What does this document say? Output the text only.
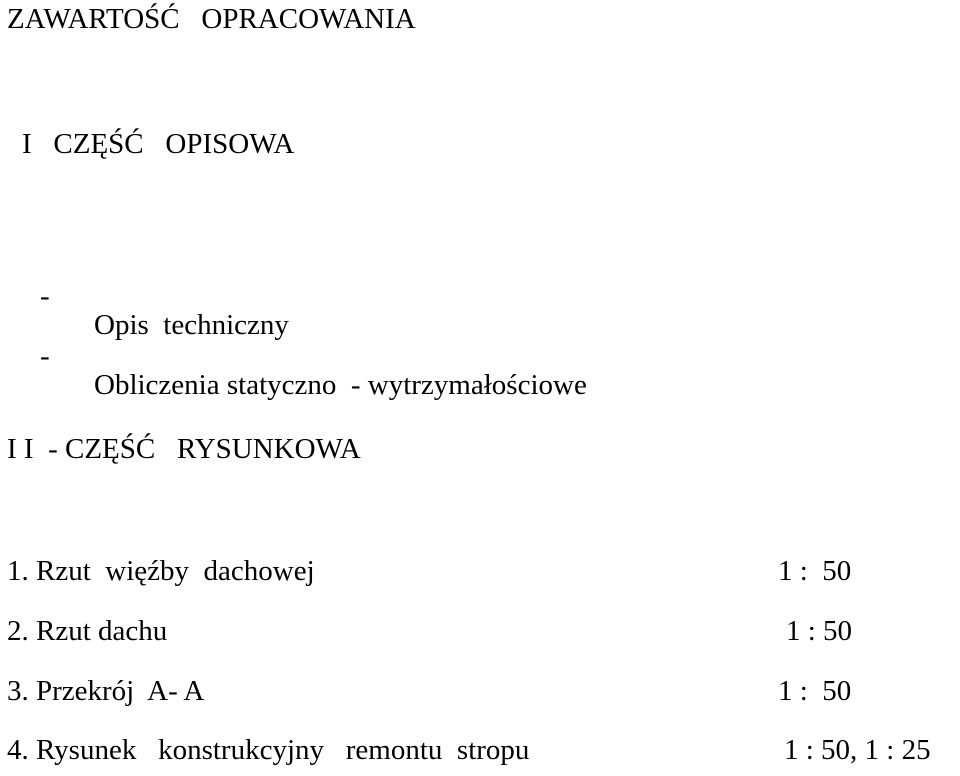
ZAWARTOŚĆ   OPRACOWANIA
I   CZĘŚĆ   OPISOWA

-

Opis  techniczny

-

Obliczenia statyczno  - wytrzymałościowe

I I  - CZĘŚĆ   RYSUNKOWA
1. Rzut  więźby  dachowej	1 :  50
2. Rzut dachu	1 : 50
3. Przekrój  A- A	1 :  50
4. Rysunek   konstrukcyjny   remontu  stropu	1 : 50, 1 : 25
